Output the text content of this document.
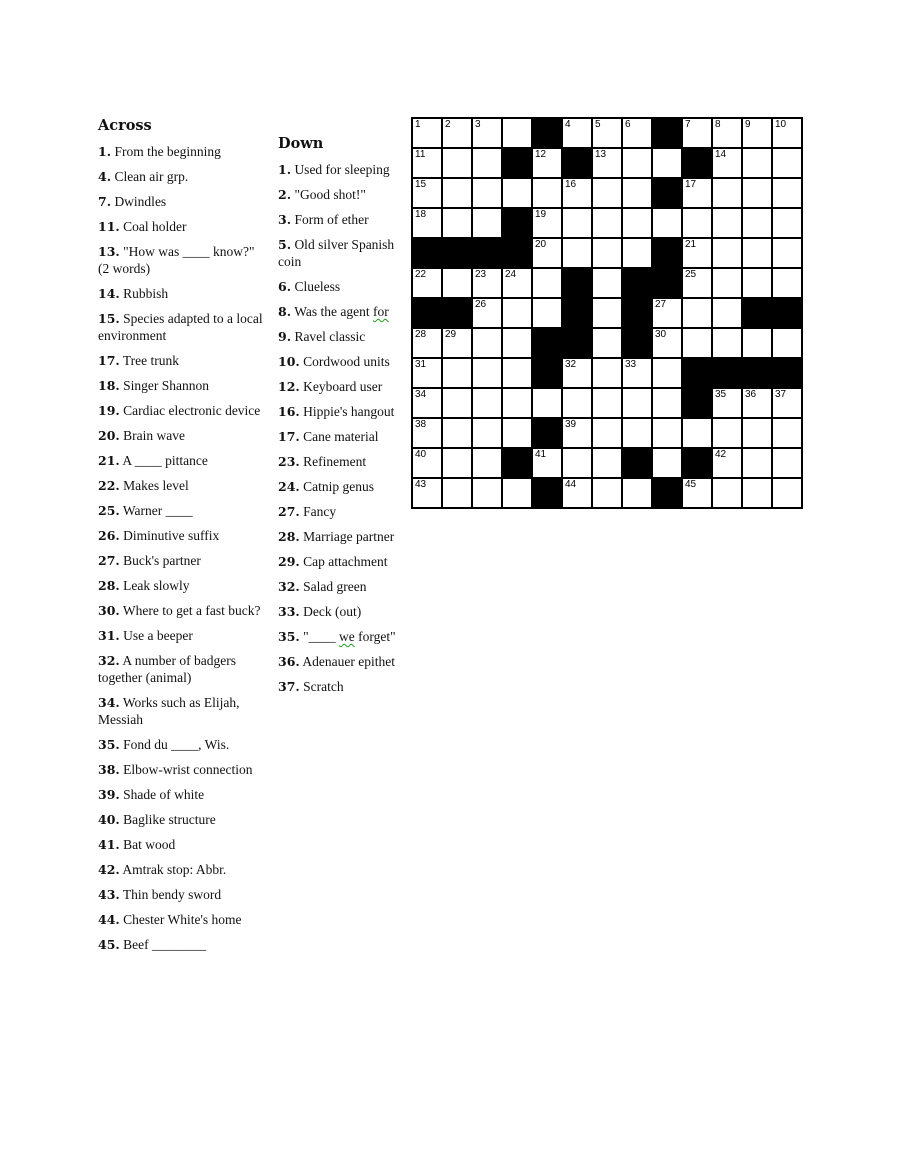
Across
1. From the beginning
4. Clean air grp.
7. Dwindles
11. Coal holder
13. "How was ____ know?" (2 words)
14. Rubbish
15. Species adapted to a local environment
17. Tree trunk
18. Singer Shannon
19. Cardiac electronic device
20. Brain wave
21. A ____ pittance
22. Makes level
25. Warner ____
26. Diminutive suffix
27. Buck's partner
28. Leak slowly
30. Where to get a fast buck?
31. Use a beeper
32. A number of badgers together (animal)
34. Works such as Elijah, Messiah
35. Fond du ____, Wis.
38. Elbow-wrist connection
39. Shade of white
40. Baglike structure
41. Bat wood
42. Amtrak stop: Abbr.
43. Thin bendy sword
44. Chester White's home
45. Beef ________
Down
1. Used for sleeping
2. "Good shot!"
3. Form of ether
5. Old silver Spanish coin
6. Clueless
8. Was the agent for
9. Ravel classic
10. Cordwood units
12. Keyboard user
16. Hippie's hangout
17. Cane material
23. Refinement
24. Catnip genus
27. Fancy
28. Marriage partner
29. Cap attachment
32. Salad green
33. Deck (out)
35. "____ we forget"
36. Adenauer epithet
37. Scratch
1 2 3	4 5 6	7 8 9 10
11	12	13	14
15	16	17
18	19
20	21
22	23 24	25
26	27
28 29	30
31	32	33
34	35 36 37
38	39
40	41	42
43	44	45
